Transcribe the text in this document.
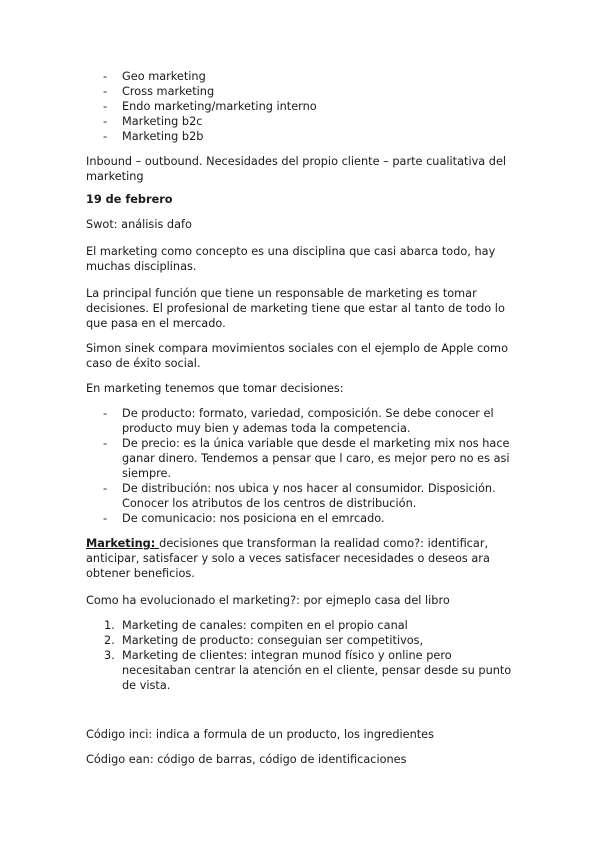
- Geo marketing
- Cross marketing
- Endo marketing/marketing interno
- Marketing b2c
- Marketing b2b

Inbound – outbound. Necesidades del propio cliente – parte cualitativa del marketing

19 de febrero

Swot: análisis dafo

El marketing como concepto es una disciplina que casi abarca todo, hay muchas disciplinas.

La principal función que tiene un responsable de marketing es tomar decisiones. El profesional de marketing tiene que estar al tanto de todo lo que pasa en el mercado.

Simon sinek compara movimientos sociales con el ejemplo de Apple como caso de éxito social.

En marketing tenemos que tomar decisiones:

- De producto: formato, variedad, composición. Se debe conocer el producto muy bien y ademas toda la competencia.
- De precio: es la única variable que desde el marketing mix nos hace ganar dinero. Tendemos a pensar que l caro, es mejor pero no es asi siempre.
- De distribución: nos ubica y nos hacer al consumidor. Disposición. Conocer los atributos de los centros de distribución.
- De comunicacio: nos posiciona en el emrcado.

Marketing: decisiones que transforman la realidad como?: identificar, anticipar, satisfacer y solo a veces satisfacer necesidades o deseos ara obtener beneficios.

Como ha evolucionado el marketing?: por ejmeplo casa del libro

1. Marketing de canales: compiten en el propio canal
2. Marketing de producto: conseguian ser competitivos,
3. Marketing de clientes: integran munod físico y online pero necesitaban centrar la atención en el cliente, pensar desde su punto de vista.

Código inci: indica a formula de un producto, los ingredientes

Código ean: código de barras, código de identificaciones
